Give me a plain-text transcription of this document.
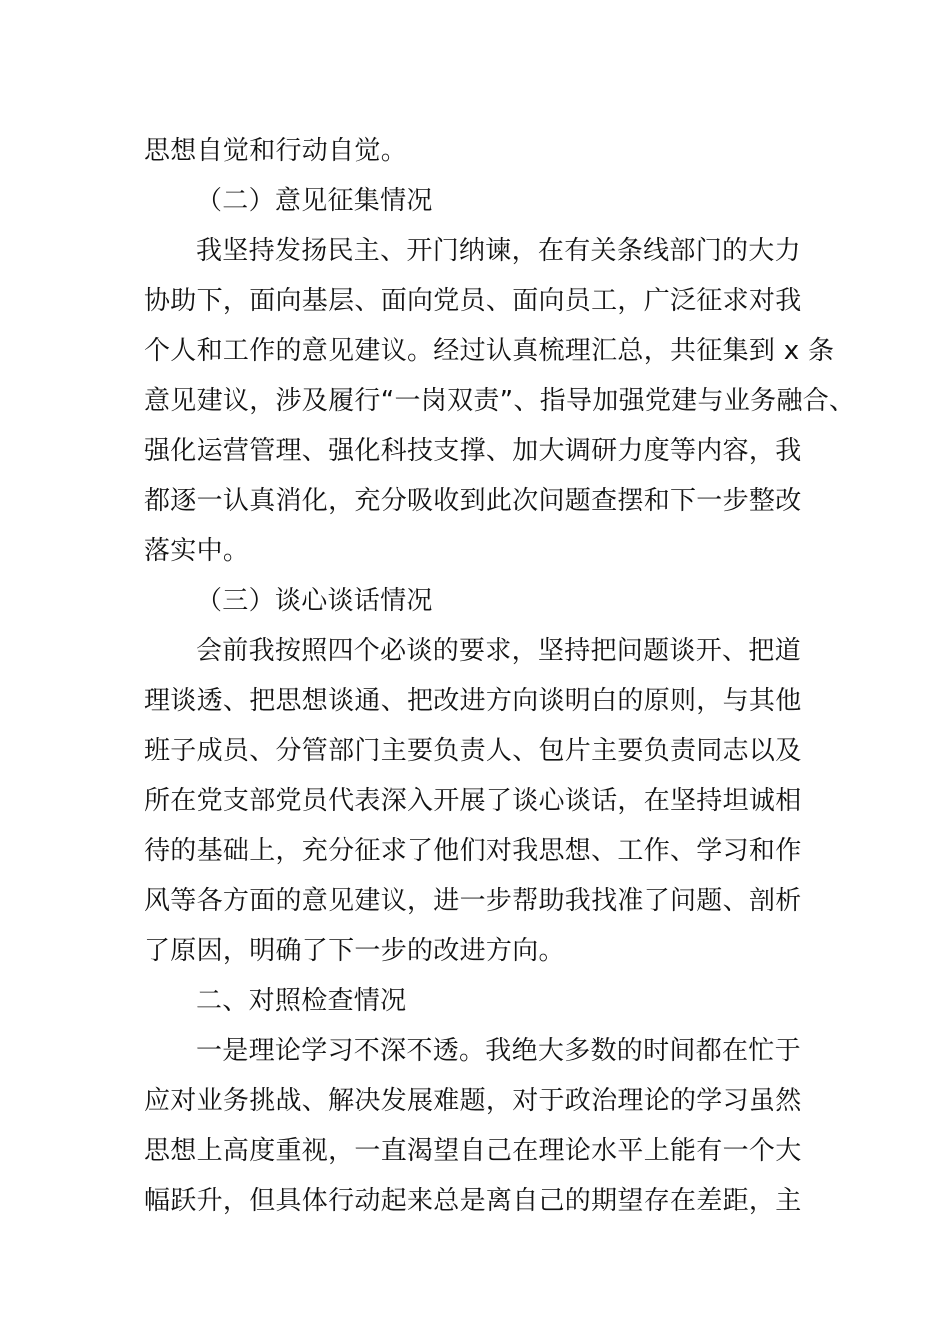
思想自觉和行动自觉。
（二）意见征集情况
我坚持发扬民主、开门纳谏，在有关条线部门的大力
协助下，面向基层、面向党员、面向员工，广泛征求对我
个人和工作的意见建议。经过认真梳理汇总，共征集到 x 条
意见建议，涉及履行“一岗双责”、指导加强党建与业务融合、
强化运营管理、强化科技支撑、加大调研力度等内容，我
都逐一认真消化，充分吸收到此次问题查摆和下一步整改
落实中。
（三）谈心谈话情况
会前我按照四个必谈的要求，坚持把问题谈开、把道
理谈透、把思想谈通、把改进方向谈明白的原则，与其他
班子成员、分管部门主要负责人、包片主要负责同志以及
所在党支部党员代表深入开展了谈心谈话，在坚持坦诚相
待的基础上，充分征求了他们对我思想、工作、学习和作
风等各方面的意见建议，进一步帮助我找准了问题、剖析
了原因，明确了下一步的改进方向。
二、对照检查情况
一是理论学习不深不透。我绝大多数的时间都在忙于
应对业务挑战、解决发展难题，对于政治理论的学习虽然
思想上高度重视，一直渴望自己在理论水平上能有一个大
幅跃升，但具体行动起来总是离自己的期望存在差距，主
